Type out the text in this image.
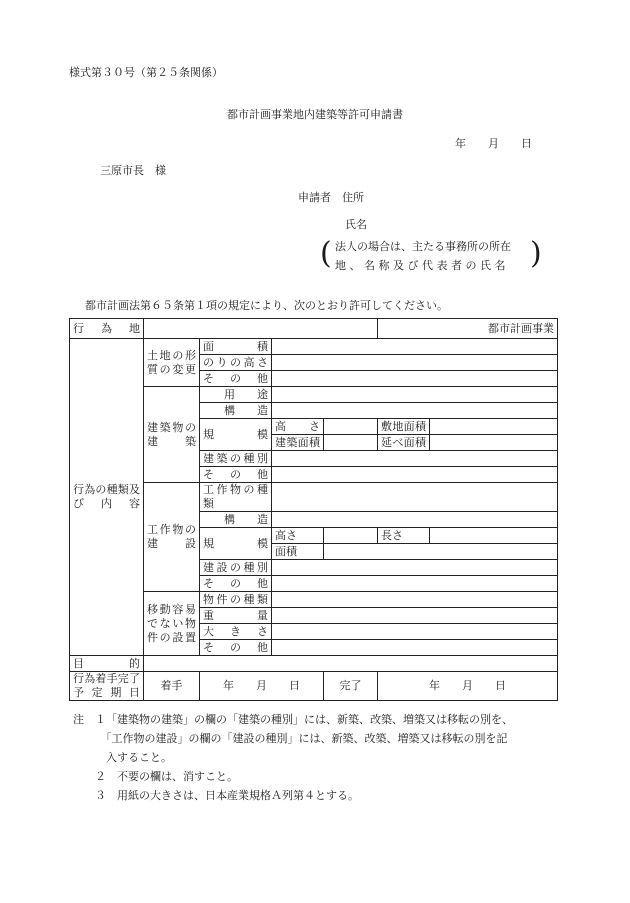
様式第３０号（第２５条関係）
都市計画事業地内建築等許可申請書
年　　月　　日
三原市長　様
申請者　住所
氏名
(	)
法人の場合は、主たる事務所の所在
地 、 名 称 及 び 代 表 者 の 氏 名
都市計画法第６５条第１項の規定により、次のとおり許可してください。
行　為　地					都市計画事業	
行為の種類及び内容	土地の形質の変更	面　　　積				
		のりの高さ				
		そ　の　他				
	建築物の建築	用　　途				
		構　　造				
		規　　模	高　　さ		敷地面積	
			建築面積		延べ面積	
		建築の種別				
		そ　の　他				
	工作物の建設	工作物の種類				
		構　　造				
		規　　模	高さ		長さ	
			面積			
		建設の種別				
		そ　の　他				
	移動容易でない物件の設置	物件の種類				
		重　　量				
		大　き　さ				
		そ　の　他				
目　　　的						
行為着手完了予定期日	着手	年　　月　　日		完了	年　　月　　日	
注　１「建築物の建築」の欄の「建築の種別」には、新築、改築、増築又は移転の別を、
　　　「工作物の建設」の欄の「建設の種別」には、新築、改築、増築又は移転の別を記
　　　入すること。
　　２　不要の欄は、消すこと。
　　３　用紙の大きさは、日本産業規格Ａ列第４とする。
